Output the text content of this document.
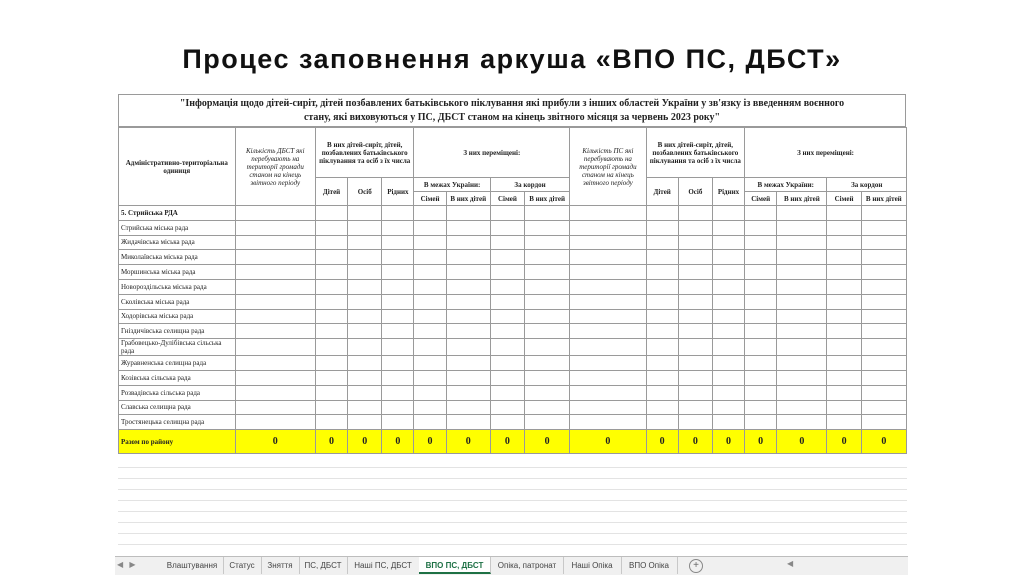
Процес заповнення аркуша «ВПО ПС, ДБСТ»
"Інформація щодо дітей-сиріт, дітей позбавлених батьківського піклування які прибули з інших областей України у зв'язку із введенням воєнного
стану, які виховуються у ПС, ДБСТ станом на кінець звітного місяця за червень 2023 року"
Адміністративно-територіальна одиниця	Кількість ДБСТ які перебувають на території громади станом на кінець звітного періоду	В них дітей-сиріт, дітей, позбавлених батьківського піклування та осіб з їх числа			З них переміщені:				Кількість ПС які перебувають на території громади станом на кінець звітного періоду	В них дітей-сиріт, дітей, позбавлених батьківського піклування та осіб з їх числа			З них переміщені:			
		Дітей	Осіб	Рідних	В межах України:		За кордон			Дітей	Осіб	Рідних	В межах України:		За кордон	
					Сімей	В них дітей	Сімей	В них дітей					Сімей	В них дітей	Сімей	В них дітей
5. Стрийська РДА																
Стрийська міська рада																
Жидачівська міська рада																
Миколаївська міська рада																
Моршинська міська рада																
Новороздільська міська рада																
Сколівська міська рада																
Ходорівська міська рада																
Гніздичівська селищна рада																
Грабовецько-Дулібівська сільська рада																
Журавненська селищна рада																
Козівська сільська рада																
Розвадівська сільська рада																
Славська селищна рада																
Тростянецька селищна рада																
Разом по району	0	0	0	0	0	0	0	0	0	0	0	0	0	0	0	0
◀ ▶	Влаштування	Статус	Зняття	ПС, ДБСТ	Наші ПС, ДБСТ	ВПО ПС, ДБСТ	Опіка, патронат	Наші Опіка	ВПО Опіка	+	◀
